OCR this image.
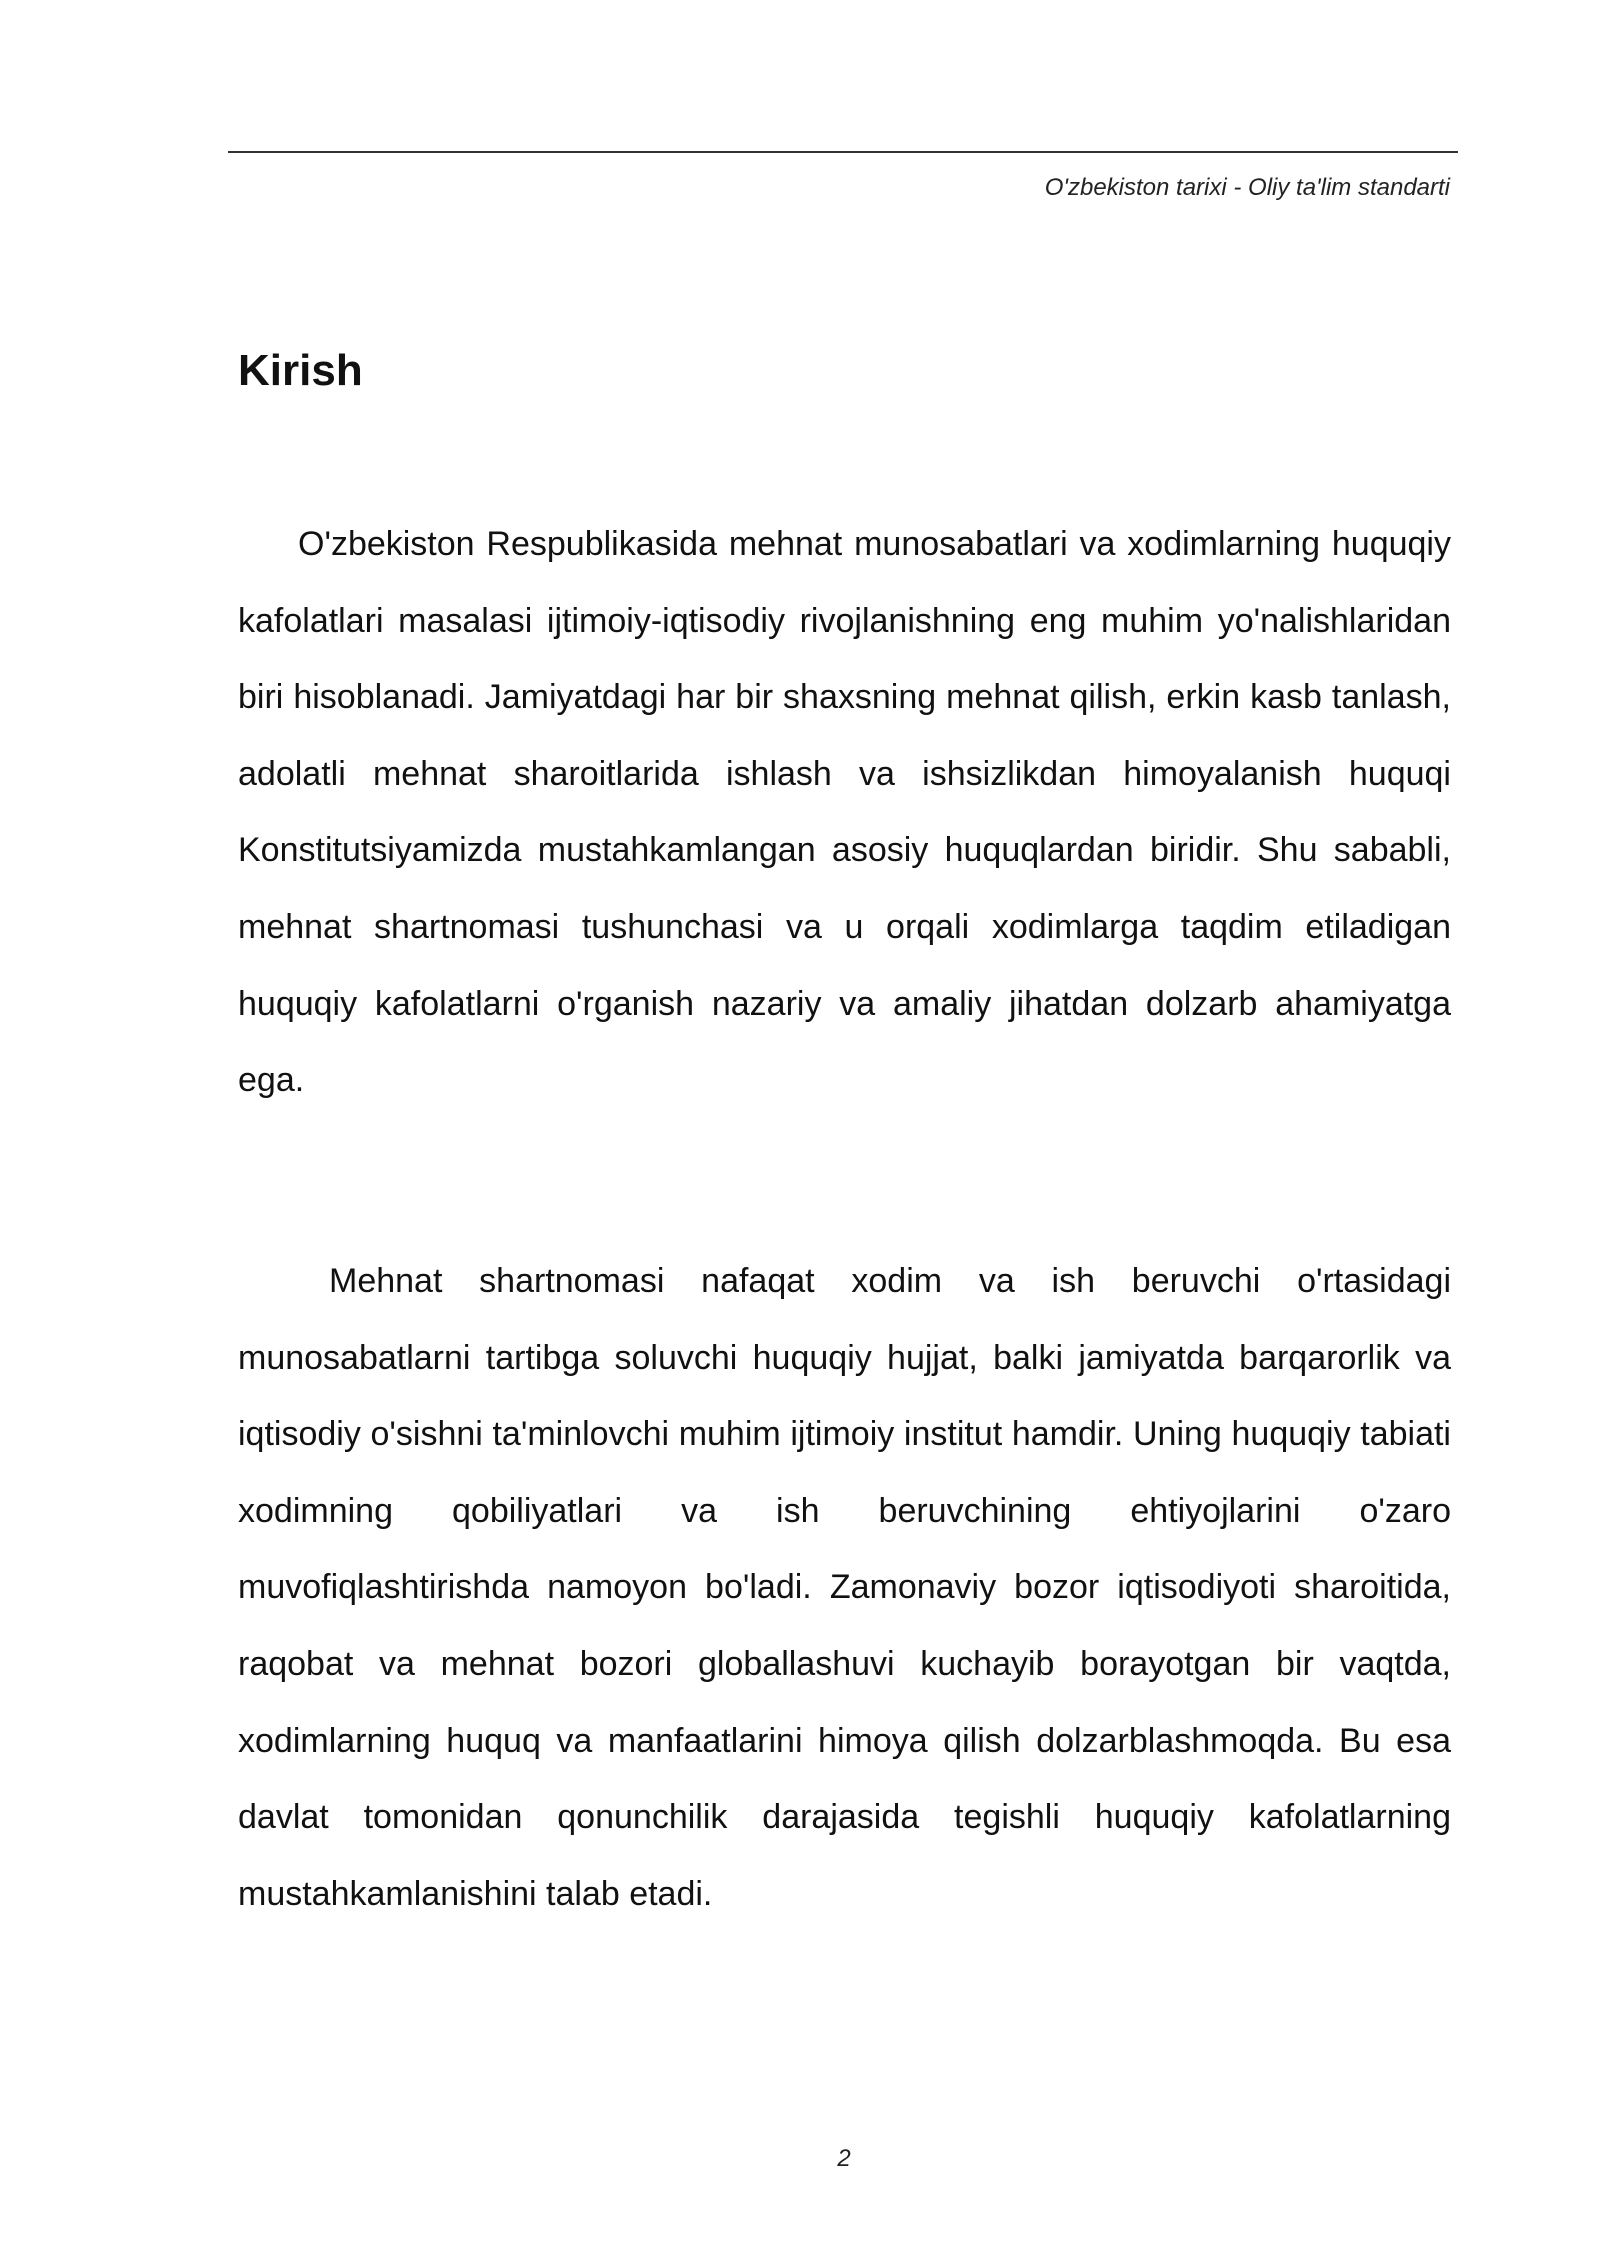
O'zbekiston tarixi - Oliy ta'lim standarti
Kirish

O'zbekiston Respublikasida mehnat munosabatlari va xodimlarning huquqiy kafolatlari masalasi ijtimoiy-iqtisodiy rivojlanishning eng muhim yo'nalishlaridan biri hisoblanadi. Jamiyatdagi har bir shaxsning mehnat qilish, erkin kasb tanlash, adolatli mehnat sharoitlarida ishlash va ishsizlikdan himoyalanish huquqi Konstitutsiyamizda mustahkamlangan asosiy huquqlardan biridir. Shu sababli, mehnat shartnomasi tushunchasi va u orqali xodimlarga taqdim etiladigan huquqiy kafolatlarni o'rganish nazariy va amaliy jihatdan dolzarb ahamiyatga ega.

Mehnat shartnomasi nafaqat xodim va ish beruvchi o'rtasidagi munosabatlarni tartibga soluvchi huquqiy hujjat, balki jamiyatda barqarorlik va iqtisodiy o'sishni ta'minlovchi muhim ijtimoiy institut hamdir. Uning huquqiy tabiati xodimning qobiliyatlari va ish beruvchining ehtiyojlarini o'zaro muvofiqlashtirishda namoyon bo'ladi. Zamonaviy bozor iqtisodiyoti sharoitida, raqobat va mehnat bozori globallashuvi kuchayib borayotgan bir vaqtda, xodimlarning huquq va manfaatlarini himoya qilish dolzarblashmoqda. Bu esa davlat tomonidan qonunchilik darajasida tegishli huquqiy kafolatlarning mustahkamlanishini talab etadi.

2
